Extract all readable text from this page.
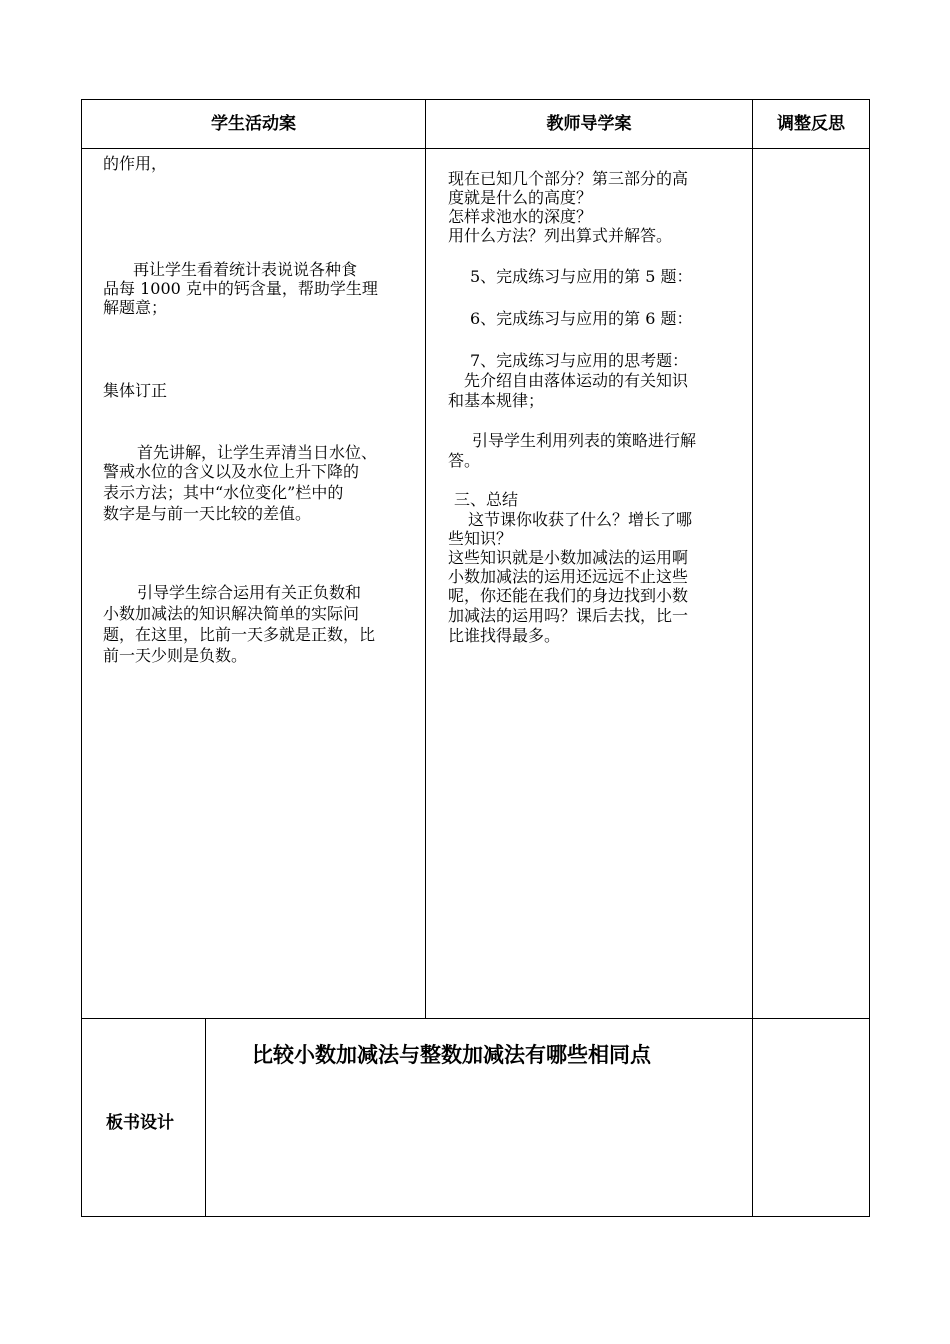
学生活动案	教师导学案	调整反思
的作用，
再让学生看着统计表说说各种食
品每 1000 克中的钙含量，帮助学生理
解题意；
集体订正
首先讲解，让学生弄清当日水位、
警戒水位的含义以及水位上升下降的
表示方法；其中“水位变化”栏中的
数字是与前一天比较的差值。
引导学生综合运用有关正负数和
小数加减法的知识解决简单的实际问
题，在这里，比前一天多就是正数，比
前一天少则是负数。
现在已知几个部分？第三部分的高
度就是什么的高度？
怎样求池水的深度？
用什么方法？列出算式并解答。
5、完成练习与应用的第 5 题：
6、完成练习与应用的第 6 题：
7、完成练习与应用的思考题：
先介绍自由落体运动的有关知识
和基本规律；
引导学生利用列表的策略进行解
答。
三、总结
这节课你收获了什么？增长了哪
些知识？
这些知识就是小数加减法的运用啊
小数加减法的运用还远远不止这些
呢，你还能在我们的身边找到小数
加减法的运用吗？课后去找，比一
比谁找得最多。
板书设计
比较小数加减法与整数加减法有哪些相同点
